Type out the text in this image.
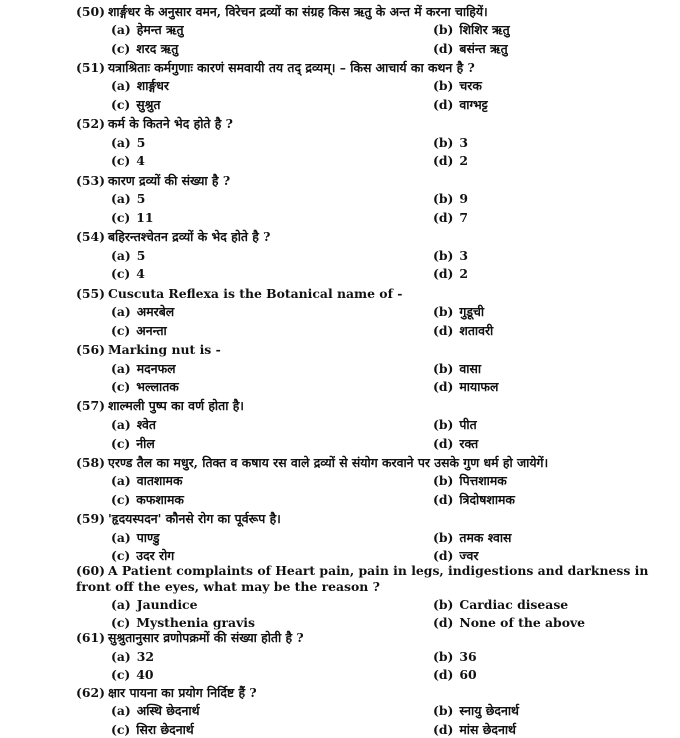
(50) शार्ङ्गधर के अनुसार वमन, विरेचन द्रव्यों का संग्रह किस ऋतु के अन्त में करना चाहियें।
(a) हेमन्त ऋतु	(b) शिशिर ऋतु
(c) शरद ऋतु	(d) बसंन्त ऋतु
(51) यत्राश्रिताः कर्मगुणाः कारणं समवायी तय तद् द्रव्यम्। – किस आचार्य का कथन है ?
(a) शार्ङ्गधर	(b) चरक
(c) सुश्रुत	(d) वाग्भट्ट
(52) कर्म के कितने भेद होते है ?
(a) 5	(b) 3
(c) 4	(d) 2
(53) कारण द्रव्यों की संख्या है ?
(a) 5	(b) 9
(c) 11	(d) 7
(54) बहिरन्तश्चेतन द्रव्यों के भेद होते है ?
(a) 5	(b) 3
(c) 4	(d) 2
(55) Cuscuta Reflexa is the Botanical name of -
(a) अमरबेल	(b) गुडूची
(c) अनन्ता	(d) शतावरी
(56) Marking nut is -
(a) मदनफल	(b) वासा
(c) भल्लातक	(d) मायाफल
(57) शाल्मली पुष्प का वर्ण होता है।
(a) श्वेत	(b) पीत
(c) नील	(d) रक्त
(58) एरण्ड तैल का मधुर, तिक्त व कषाय रस वाले द्रव्यों से संयोग करवाने पर उसके गुण धर्म हो जायेगें।
(a) वातशामक	(b) पित्तशामक
(c) कफशामक	(d) त्रिदोषशामक
(59) 'हृदयस्पदन' कौनसे रोग का पूर्वरूप है।
(a) पाण्डु	(b) तमक श्वास
(c) उदर रोग	(d) ज्वर
(60) A Patient complaints of Heart pain, pain in legs, indigestions and darkness in front off the eyes, what may be the reason ?
(a) Jaundice	(b) Cardiac disease
(c) Mysthenia gravis	(d) None of the above
(61) सुश्रुतानुसार व्रणोपक्रमों की संख्या होती है ?
(a) 32	(b) 36
(c) 40	(d) 60
(62) क्षार पायना का प्रयोग निर्दिष्ट हैं ?
(a) अस्थि छेदनार्थ	(b) स्नायु छेदनार्थ
(c) सिरा छेदनार्थ	(d) मांस छेदनार्थ
